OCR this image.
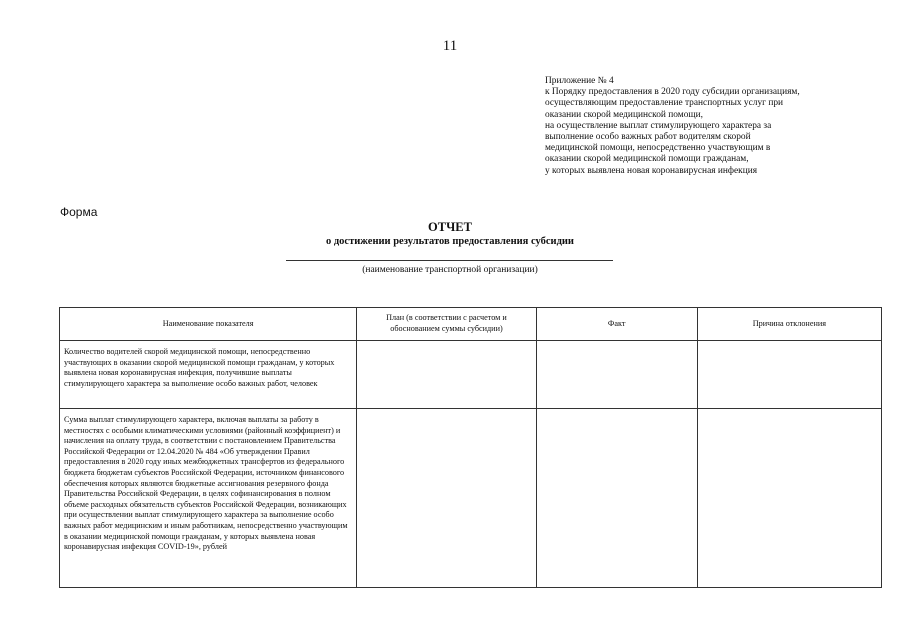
11
Приложение № 4
к Порядку предоставления в 2020 году субсидии организациям,
осуществляющим предоставление транспортных услуг при
оказании скорой медицинской помощи,
на осуществление выплат стимулирующего характера за
выполнение особо важных работ водителям скорой
медицинской помощи, непосредственно участвующим в
оказании скорой медицинской помощи гражданам,
у которых выявлена новая коронавирусная инфекция
Форма
ОТЧЕТ
о достижении результатов предоставления субсидии
(наименование транспортной организации)
Наименование показателя	План (в соответствии с расчетом и обоснованием суммы субсидии)	Факт	Причина отклонения
Количество водителей скорой медицинской помощи, непосредственно участвующих в оказании скорой медицинской помощи гражданам, у которых выявлена новая коронавирусная инфекция, получившие выплаты стимулирующего характера за выполнение особо важных работ, человек			
Сумма выплат стимулирующего характера, включая выплаты за работу в местностях с особыми климатическими условиями (районный коэффициент) и начисления на оплату труда, в соответствии с постановлением Правительства Российской Федерации от 12.04.2020 № 484 «Об утверждении Правил предоставления в 2020 году иных межбюджетных трансфертов из федерального бюджета бюджетам субъектов Российской Федерации, источником финансового обеспечения которых являются бюджетные ассигнования резервного фонда Правительства Российской Федерации, в целях софинансирования в полном объеме расходных обязательств субъектов Российской Федерации, возникающих при осуществлении выплат стимулирующего характера за выполнение особо важных работ медицинским и иным работникам, непосредственно участвующим в оказании медицинской помощи гражданам, у которых выявлена новая коронавирусная инфекция COVID-19», рублей			
